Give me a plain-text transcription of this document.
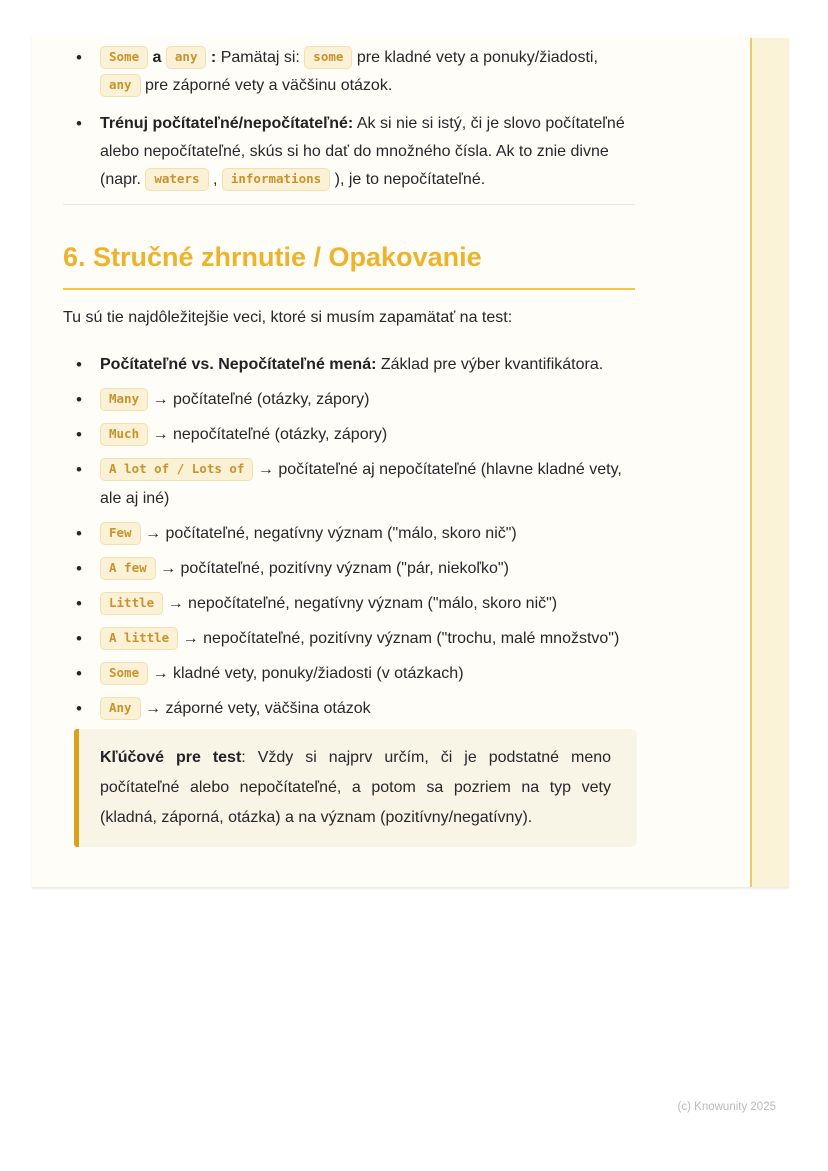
• Some a any : Pamätaj si: some pre kladné vety a ponuky/žiadosti, any pre záporné vety a väčšinu otázok.
• Trénuj počítateľné/nepočítateľné: Ak si nie si istý, či je slovo počítateľné alebo nepočítateľné, skús si ho dať do množného čísla. Ak to znie divne (napr. waters , informations ), je to nepočítateľné.
6. Stručné zhrnutie / Opakovanie

Tu sú tie najdôležitejšie veci, ktoré si musím zapamätať na test:

• Počítateľné vs. Nepočítateľné mená: Základ pre výber kvantifikátora.
• Many → počítateľné (otázky, zápory)
• Much → nepočítateľné (otázky, zápory)
• A lot of / Lots of → počítateľné aj nepočítateľné (hlavne kladné vety, ale aj iné)
• Few → počítateľné, negatívny význam ("málo, skoro nič")
• A few → počítateľné, pozitívny význam ("pár, niekoľko")
• Little → nepočítateľné, negatívny význam ("málo, skoro nič")
• A little → nepočítateľné, pozitívny význam ("trochu, malé množstvo")
• Some → kladné vety, ponuky/žiadosti (v otázkach)
• Any → záporné vety, väčšina otázok

Kľúčové pre test: Vždy si najprv určím, či je podstatné meno počítateľné alebo nepočítateľné, a potom sa pozriem na typ vety (kladná, záporná, otázka) a na význam (pozitívny/negatívny).

(c) Knowunity 2025
